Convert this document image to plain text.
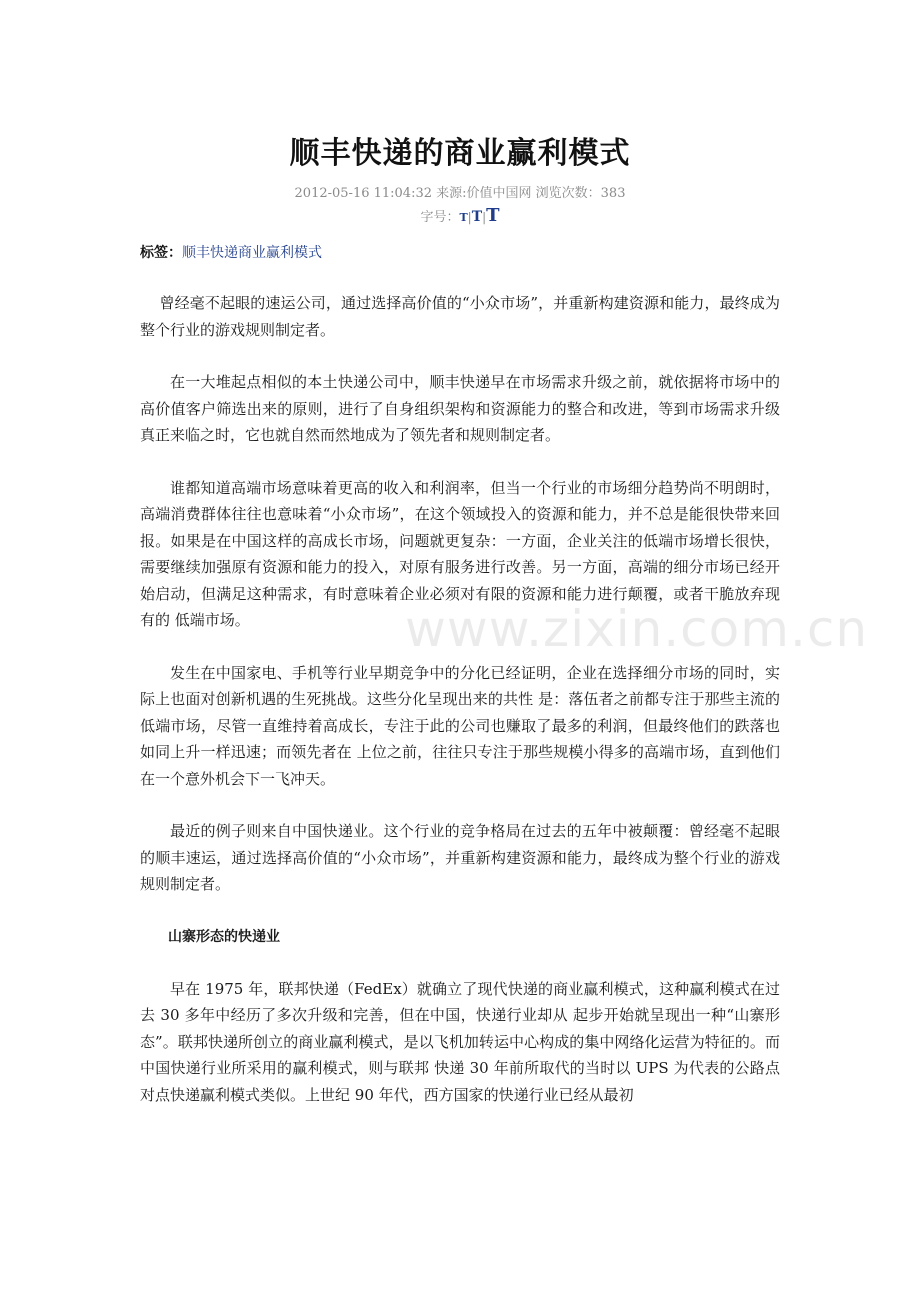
顺丰快递的商业赢利模式
2012-05-16 11:04:32 来源:价值中国网 浏览次数：383
字号：T|T|T
标签：顺丰快递商业赢利模式

曾经毫不起眼的速运公司，通过选择高价值的“小众市场”，并重新构建资源和能力，最终成为整个行业的游戏规则制定者。

在一大堆起点相似的本土快递公司中，顺丰快递早在市场需求升级之前，就依据将市场中的高价值客户筛选出来的原则，进行了自身组织架构和资源能力的整合和改进，等到市场需求升级真正来临之时，它也就自然而然地成为了领先者和规则制定者。

谁都知道高端市场意味着更高的收入和利润率，但当一个行业的市场细分趋势尚不明朗时，高端消费群体往往也意味着“小众市场”，在这个领域投入的资源和能力，并不总是能很快带来回报。如果是在中国这样的高成长市场，问题就更复杂：一方面，企业关注的低端市场增长很快，需要继续加强原有资源和能力的投入，对原有服务进行改善。另一方面，高端的细分市场已经开始启动，但满足这种需求，有时意味着企业必须对有限的资源和能力进行颠覆，或者干脆放弃现有的 低端市场。

发生在中国家电、手机等行业早期竞争中的分化已经证明，企业在选择细分市场的同时，实际上也面对创新机遇的生死挑战。这些分化呈现出来的共性 是：落伍者之前都专注于那些主流的低端市场，尽管一直维持着高成长，专注于此的公司也赚取了最多的利润，但最终他们的跌落也如同上升一样迅速；而领先者在 上位之前，往往只专注于那些规模小得多的高端市场，直到他们在一个意外机会下一飞冲天。

最近的例子则来自中国快递业。这个行业的竞争格局在过去的五年中被颠覆：曾经毫不起眼的顺丰速运，通过选择高价值的“小众市场”，并重新构建资源和能力，最终成为整个行业的游戏规则制定者。

山寨形态的快递业

早在 1975 年，联邦快递（FedEx）就确立了现代快递的商业赢利模式，这种赢利模式在过去 30 多年中经历了多次升级和完善，但在中国，快递行业却从 起步开始就呈现出一种“山寨形态”。联邦快递所创立的商业赢利模式，是以飞机加转运中心构成的集中网络化运营为特征的。而中国快递行业所采用的赢利模式，则与联邦 快递 30 年前所取代的当时以 UPS 为代表的公路点对点快递赢利模式类似。上世纪 90 年代，西方国家的快递行业已经从最初

www.zixin.com.cn
